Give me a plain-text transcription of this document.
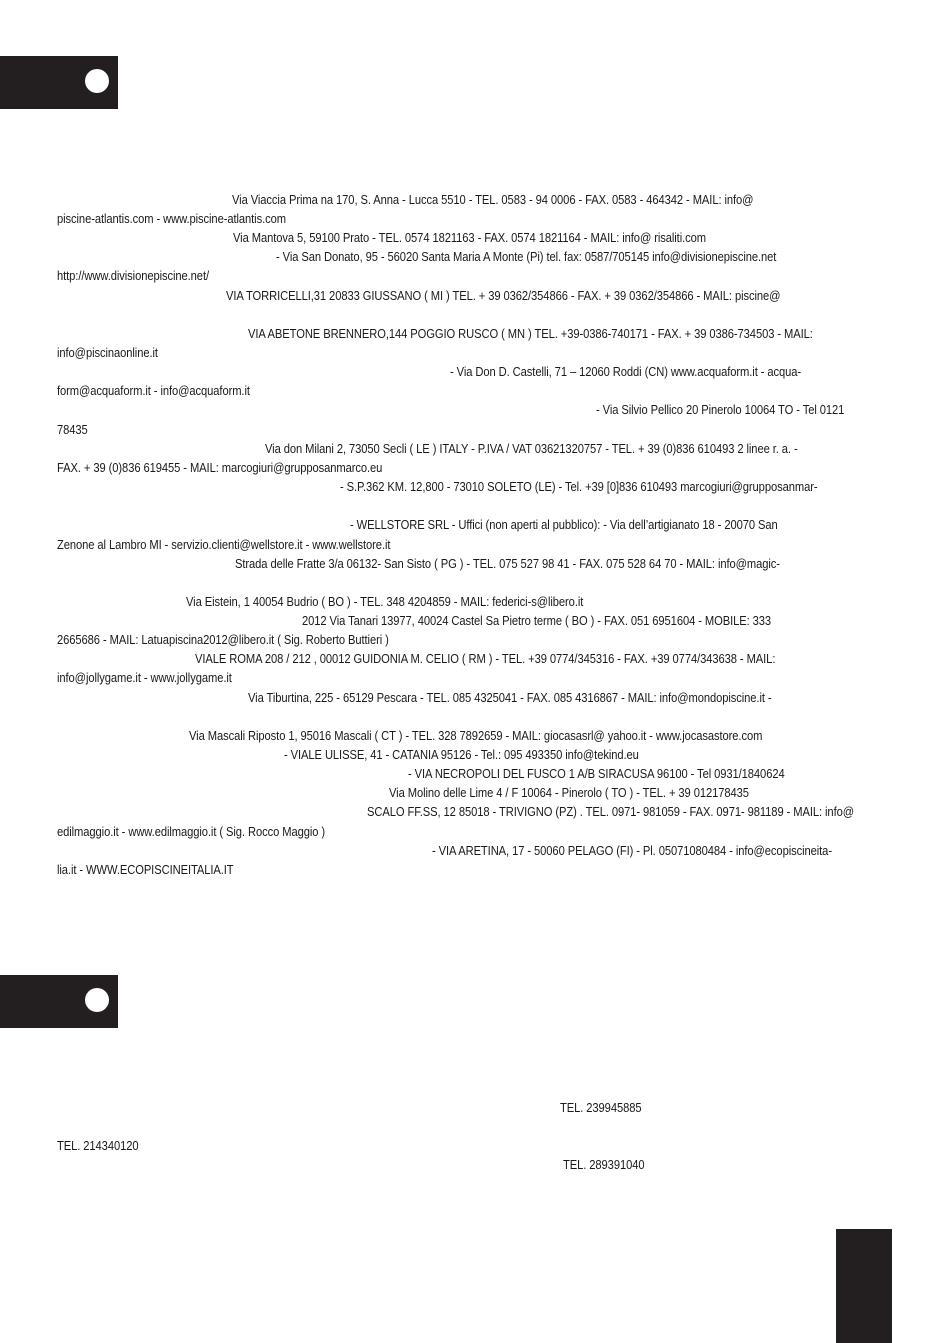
Via Viaccia Prima na 170, S. Anna - Lucca 5510 - TEL. 0583 - 94 0006 - FAX. 0583 - 464342 - MAIL: info@
piscine-atlantis.com - www.piscine-atlantis.com
Via Mantova 5, 59100 Prato - TEL. 0574 1821163 - FAX. 0574 1821164 - MAIL: info@ risaliti.com
- Via San Donato, 95 - 56020 Santa Maria A Monte (Pi) tel. fax: 0587/705145 info@divisionepiscine.net
http://www.divisionepiscine.net/
VIA TORRICELLI,31 20833 GIUSSANO ( MI ) TEL. + 39 0362/354866 - FAX. + 39 0362/354866 - MAIL: piscine@
VIA ABETONE BRENNERO,144 POGGIO RUSCO ( MN ) TEL. +39-0386-740171 - FAX. + 39 0386-734503 - MAIL:
info@piscinaonline.it
- Via Don D. Castelli, 71 – 12060 Roddi (CN) www.acquaform.it - acqua-
form@acquaform.it - info@acquaform.it
- Via Silvio Pellico 20 Pinerolo 10064 TO - Tel 0121
78435
Via don Milani 2, 73050 Secli ( LE ) ITALY - P.IVA / VAT 03621320757 - TEL. + 39 (0)836 610493 2 linee r. a. -
FAX. + 39 (0)836 619455 - MAIL: marcogiuri@grupposanmarco.eu
- S.P.362 KM. 12,800 - 73010 SOLETO (LE) - Tel. +39 [0]836 610493 marcogiuri@grupposanmar-
- WELLSTORE SRL - Uffici (non aperti al pubblico): - Via dell’artigianato 18 - 20070 San
Zenone al Lambro MI - servizio.clienti@wellstore.it - www.wellstore.it
Strada delle Fratte 3/a 06132- San Sisto ( PG ) - TEL. 075 527 98 41 - FAX. 075 528 64 70 - MAIL: info@magic-
Via Eistein, 1 40054 Budrio ( BO ) - TEL. 348 4204859 - MAIL: federici-s@libero.it
2012 Via Tanari 13977, 40024 Castel Sa Pietro terme ( BO ) - FAX. 051 6951604 - MOBILE: 333
2665686 - MAIL: Latuapiscina2012@libero.it ( Sig. Roberto Buttieri )
VIALE ROMA 208 / 212 , 00012 GUIDONIA M. CELIO ( RM ) - TEL. +39 0774/345316 - FAX. +39 0774/343638 - MAIL:
info@jollygame.it - www.jollygame.it
Via Tiburtina, 225 - 65129 Pescara - TEL. 085 4325041 - FAX. 085 4316867 - MAIL: info@mondopiscine.it -
Via Mascali Riposto 1, 95016 Mascali ( CT ) - TEL. 328 7892659 - MAIL: giocasasrl@ yahoo.it - www.jocasastore.com
- VIALE ULISSE, 41 - CATANIA 95126 - Tel.: 095 493350 info@tekind.eu
- VIA NECROPOLI DEL FUSCO 1 A/B SIRACUSA 96100 - Tel 0931/1840624
Via Molino delle Lime 4 / F 10064 - Pinerolo ( TO ) - TEL. + 39 012178435
SCALO FF.SS, 12 85018 - TRIVIGNO (PZ) . TEL. 0971- 981059 - FAX. 0971- 981189 - MAIL: info@
edilmaggio.it - www.edilmaggio.it ( Sig. Rocco Maggio )
- VIA ARETINA, 17 - 50060 PELAGO (FI) - Pl. 05071080484 - info@ecopiscineita-
lia.it - WWW.ECOPISCINEITALIA.IT
TEL. 239945885
TEL. 214340120
TEL. 289391040
